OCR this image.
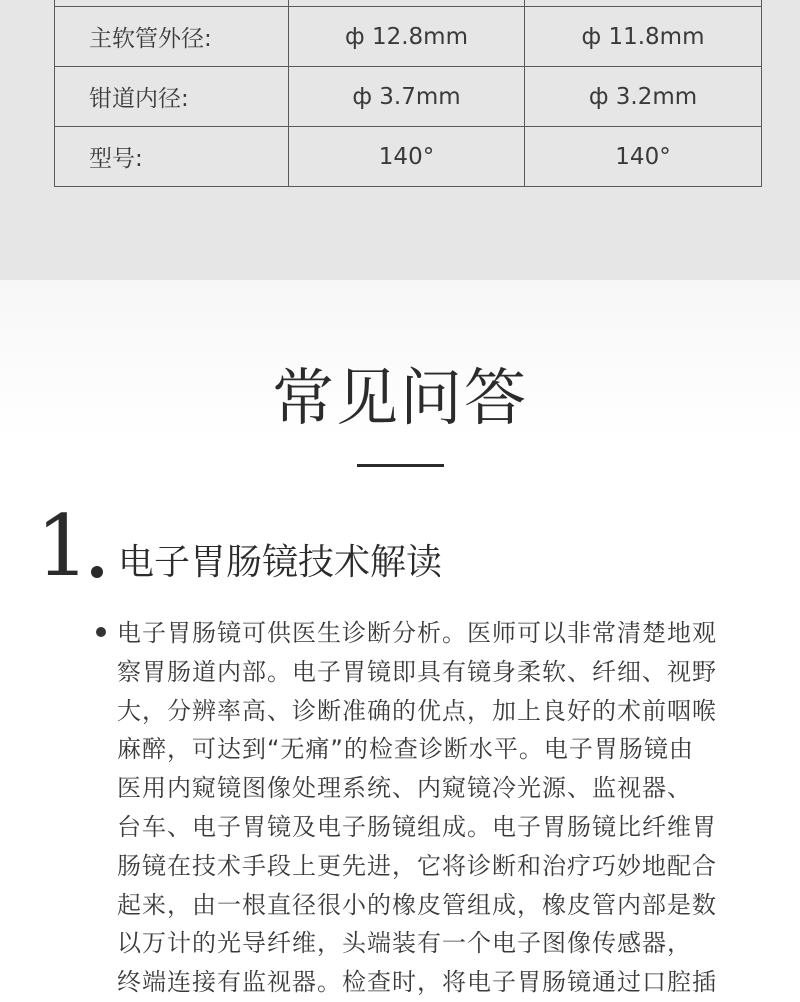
主软管外径:	ф 12.8mm	ф 11.8mm
钳道内径:	ф 3.7mm	ф 3.2mm
型号:	140°	140°
常见问答
1 电子胃肠镜技术解读
电子胃肠镜可供医生诊断分析。医师可以非常清楚地观
察胃肠道内部。电子胃镜即具有镜身柔软、纤细、视野
大，分辨率高、诊断准确的优点，加上良好的术前咽喉
麻醉，可达到“无痛”的检查诊断水平。电子胃肠镜由
医用内窥镜图像处理系统、内窥镜冷光源、监视器、
台车、电子胃镜及电子肠镜组成。电子胃肠镜比纤维胃
肠镜在技术手段上更先进，它将诊断和治疗巧妙地配合
起来，由一根直径很小的橡皮管组成，橡皮管内部是数
以万计的光导纤维，头端装有一个电子图像传感器，
终端连接有监视器。检查时，将电子胃肠镜通过口腔插
